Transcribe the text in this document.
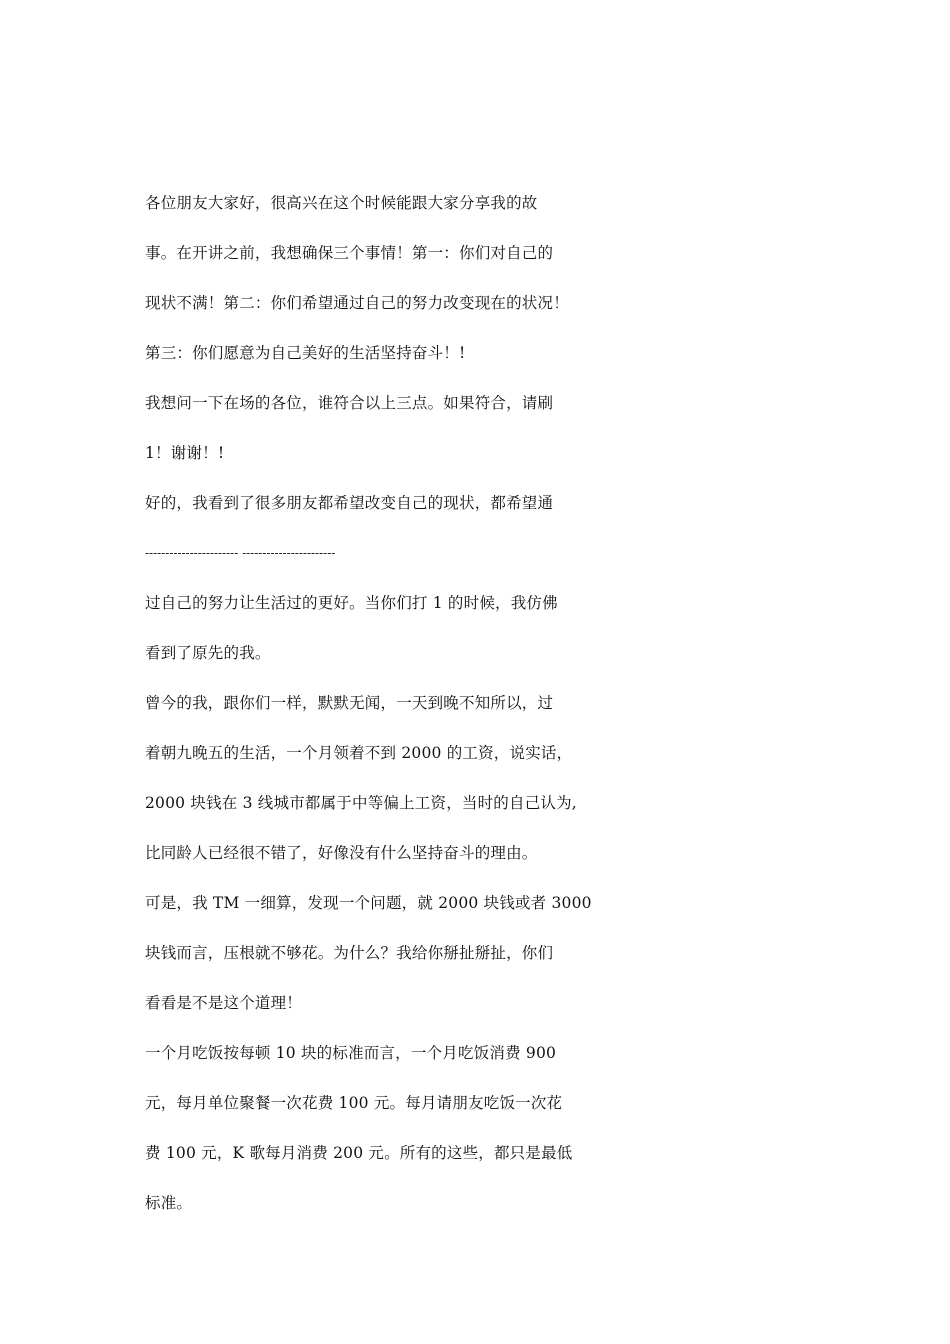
各位朋友大家好，很高兴在这个时候能跟大家分享我的故
事。在开讲之前，我想确保三个事情！第一：你们对自己的
现状不满！第二：你们希望通过自己的努力改变现在的状况！
第三：你们愿意为自己美好的生活坚持奋斗！!
我想问一下在场的各位，谁符合以上三点。如果符合，请刷
1！谢谢！!
好的，我看到了很多朋友都希望改变自己的现状，都希望通
----------------------- -----------------------
过自己的努力让生活过的更好。当你们打 1 的时候，我仿佛
看到了原先的我。
曾今的我，跟你们一样，默默无闻，一天到晚不知所以，过
着朝九晚五的生活，一个月领着不到 2000 的工资，说实话，
2000 块钱在 3 线城市都属于中等偏上工资，当时的自己认为,
比同龄人已经很不错了，好像没有什么坚持奋斗的理由。
可是，我 TM 一细算，发现一个问题，就 2000 块钱或者 3000
块钱而言，压根就不够花。为什么？我给你掰扯掰扯，你们
看看是不是这个道理！
一个月吃饭按每顿 10 块的标准而言，一个月吃饭消费 900
元，每月单位聚餐一次花费 100 元。每月请朋友吃饭一次花
费 100 元，K 歌每月消费 200 元。所有的这些，都只是最低
标准。
